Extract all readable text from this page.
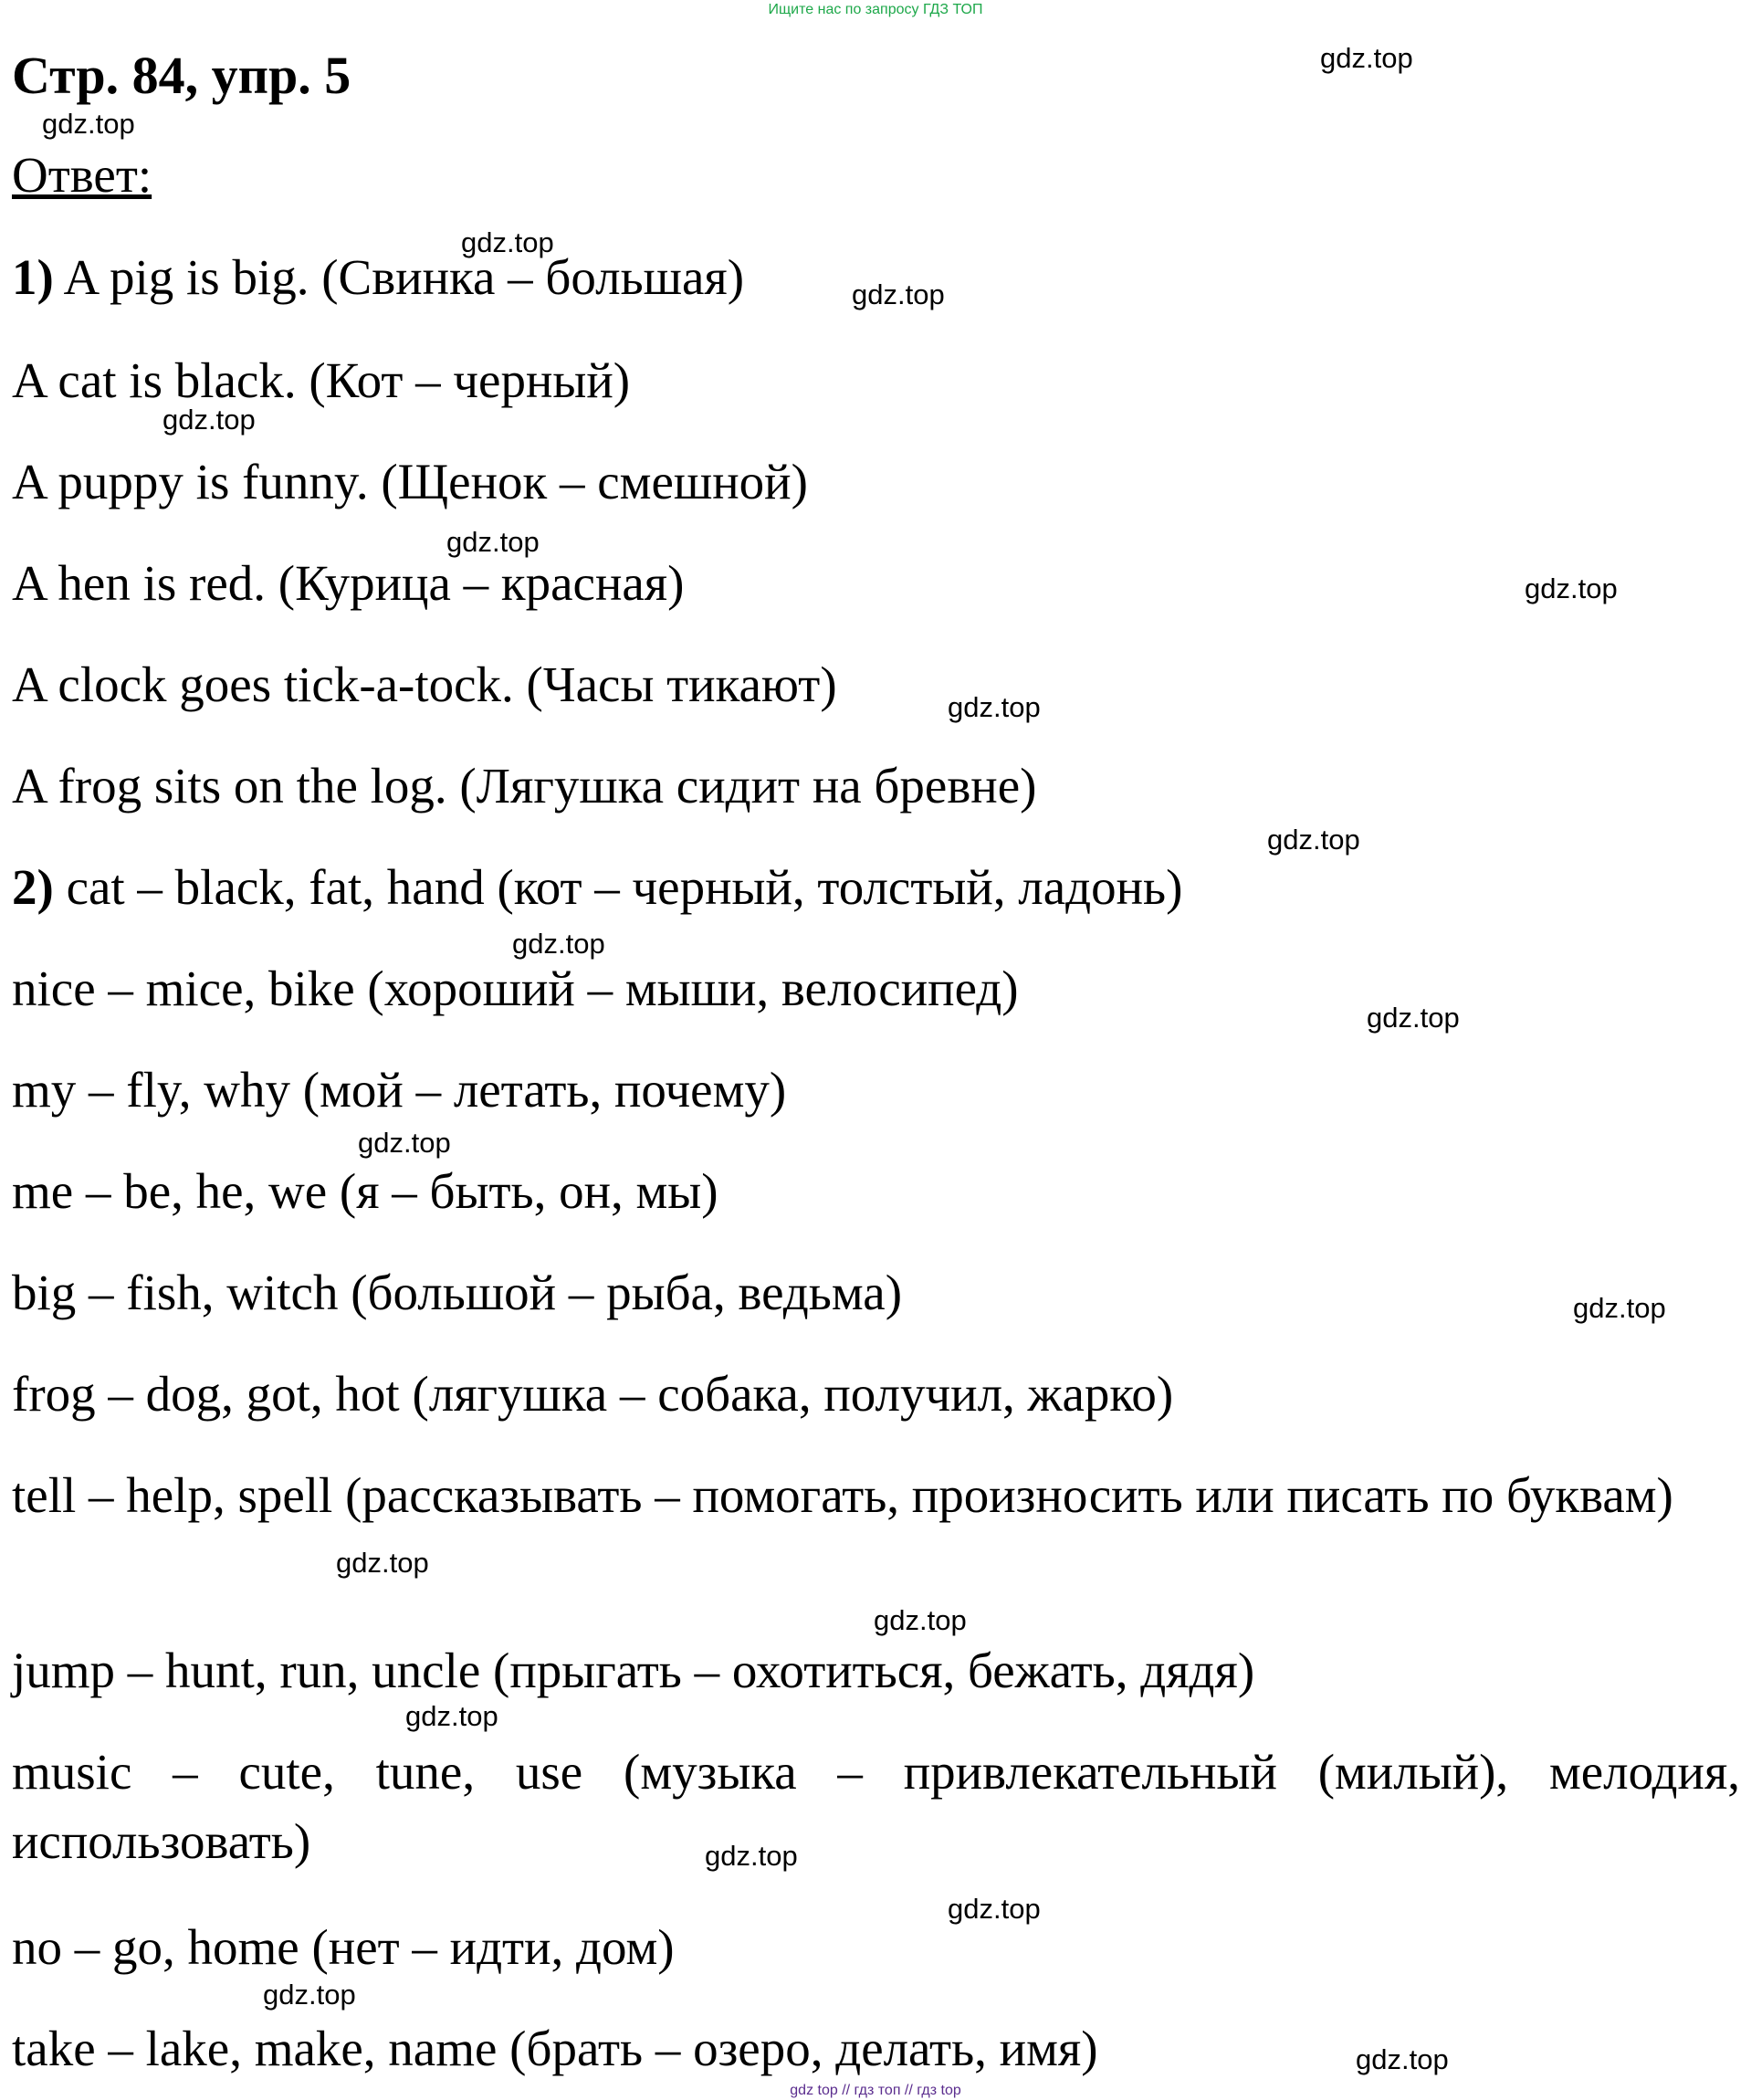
Ищите нас по запросу ГДЗ ТОП
Стр. 84, упр. 5
Ответ:
1) A pig is big. (Свинка – большая)
A cat is black. (Кот – черный)
A puppy is funny. (Щенок – смешной)
A hen is red. (Курица – красная)
A clock goes tick-a-tock. (Часы тикают)
A frog sits on the log. (Лягушка сидит на бревне)
2) cat – black, fat, hand (кот – черный, толстый, ладонь)
nice – mice, bike (хороший – мыши, велосипед)
my – fly, why (мой – летать, почему)
me – be, he, we (я – быть, он, мы)
big – fish, witch (большой – рыба, ведьма)
frog – dog, got, hot (лягушка – собака, получил, жарко)
tell – help, spell (рассказывать – помогать, произносить или писать по буквам)
jump – hunt, run, uncle (прыгать – охотиться, бежать, дядя)
music – cute, tune, use (музыка – привлекательный (милый), мелодия, использовать)
no – go, home (нет – идти, дом)
take – lake, make, name (брать – озеро, делать, имя)
gdz.top
gdz.top
gdz.top
gdz.top
gdz.top
gdz.top
gdz.top
gdz.top
gdz.top
gdz.top
gdz.top
gdz.top
gdz.top
gdz.top
gdz.top
gdz.top
gdz.top
gdz.top
gdz.top
gdz.top
gdz top // гдз топ // гдз top
